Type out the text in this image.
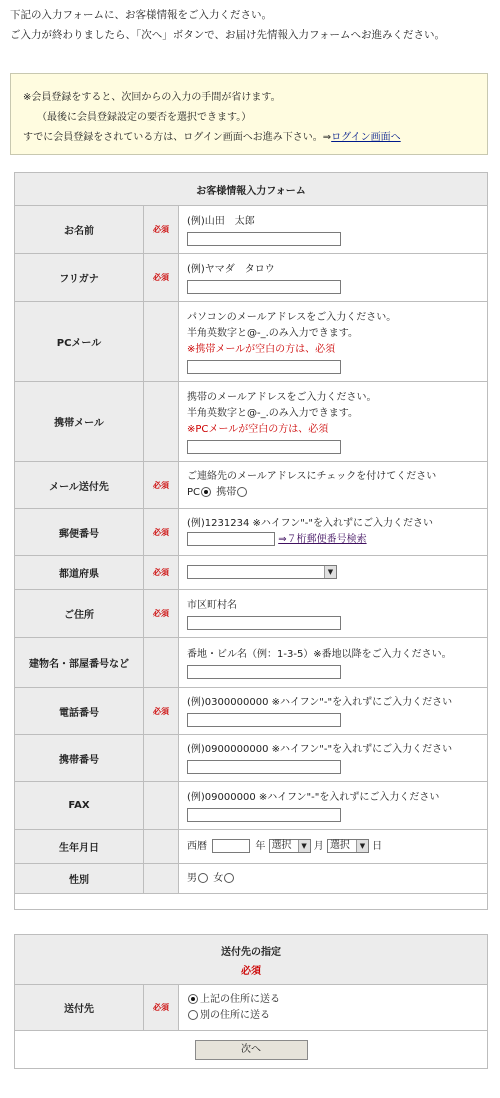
下記の入力フォームに、お客様情報をご入力ください。
ご入力が終わりましたら、「次へ」ボタンで、お届け先情報入力フォームへお進みください。
※会員登録をすると、次回からの入力の手間が省けます。
（最後に会員登録設定の要否を選択できます。）
すでに会員登録をされている方は、ログイン画面へお進み下さい。⇒ログイン画面へ
お客様情報入力フォーム		
お名前	必須	(例)山田　太郎

フリガナ	必須	(例)ヤマダ　タロウ

PCメール		パソコンのメールアドレスをご入力ください。
半角英数字と@-_.のみ入力できます。
※携帯メールが空白の方は、必須

携帯メール		携帯のメールアドレスをご入力ください。
半角英数字と@-_.のみ入力できます。
※PCメールが空白の方は、必須

メール送付先	必須	ご連絡先のメールアドレスにチェックを付けてください
PC 携帯

郵便番号	必須	(例)1231234 ※ハイフン"-"を入れずにご入力ください
⇒７桁郵便番号検索

都道府県	必須	▼

ご住所	必須	市区町村名

建物名・部屋番号など		番地・ビル名（例：1-3-5）※番地以降をご入力ください。

電話番号	必須	(例)0300000000 ※ハイフン"-"を入れずにご入力ください

携帯番号		(例)0900000000 ※ハイフン"-"を入れずにご入力ください

FAX		(例)09000000 ※ハイフン"-"を入れずにご入力ください

生年月日		西暦 年 選択 ▼ 月 選択 ▼ 日
性別		男 女

送付先の指定
必須

送付先	必須	
上記の住所に送る
別の住所に送る

次へ
